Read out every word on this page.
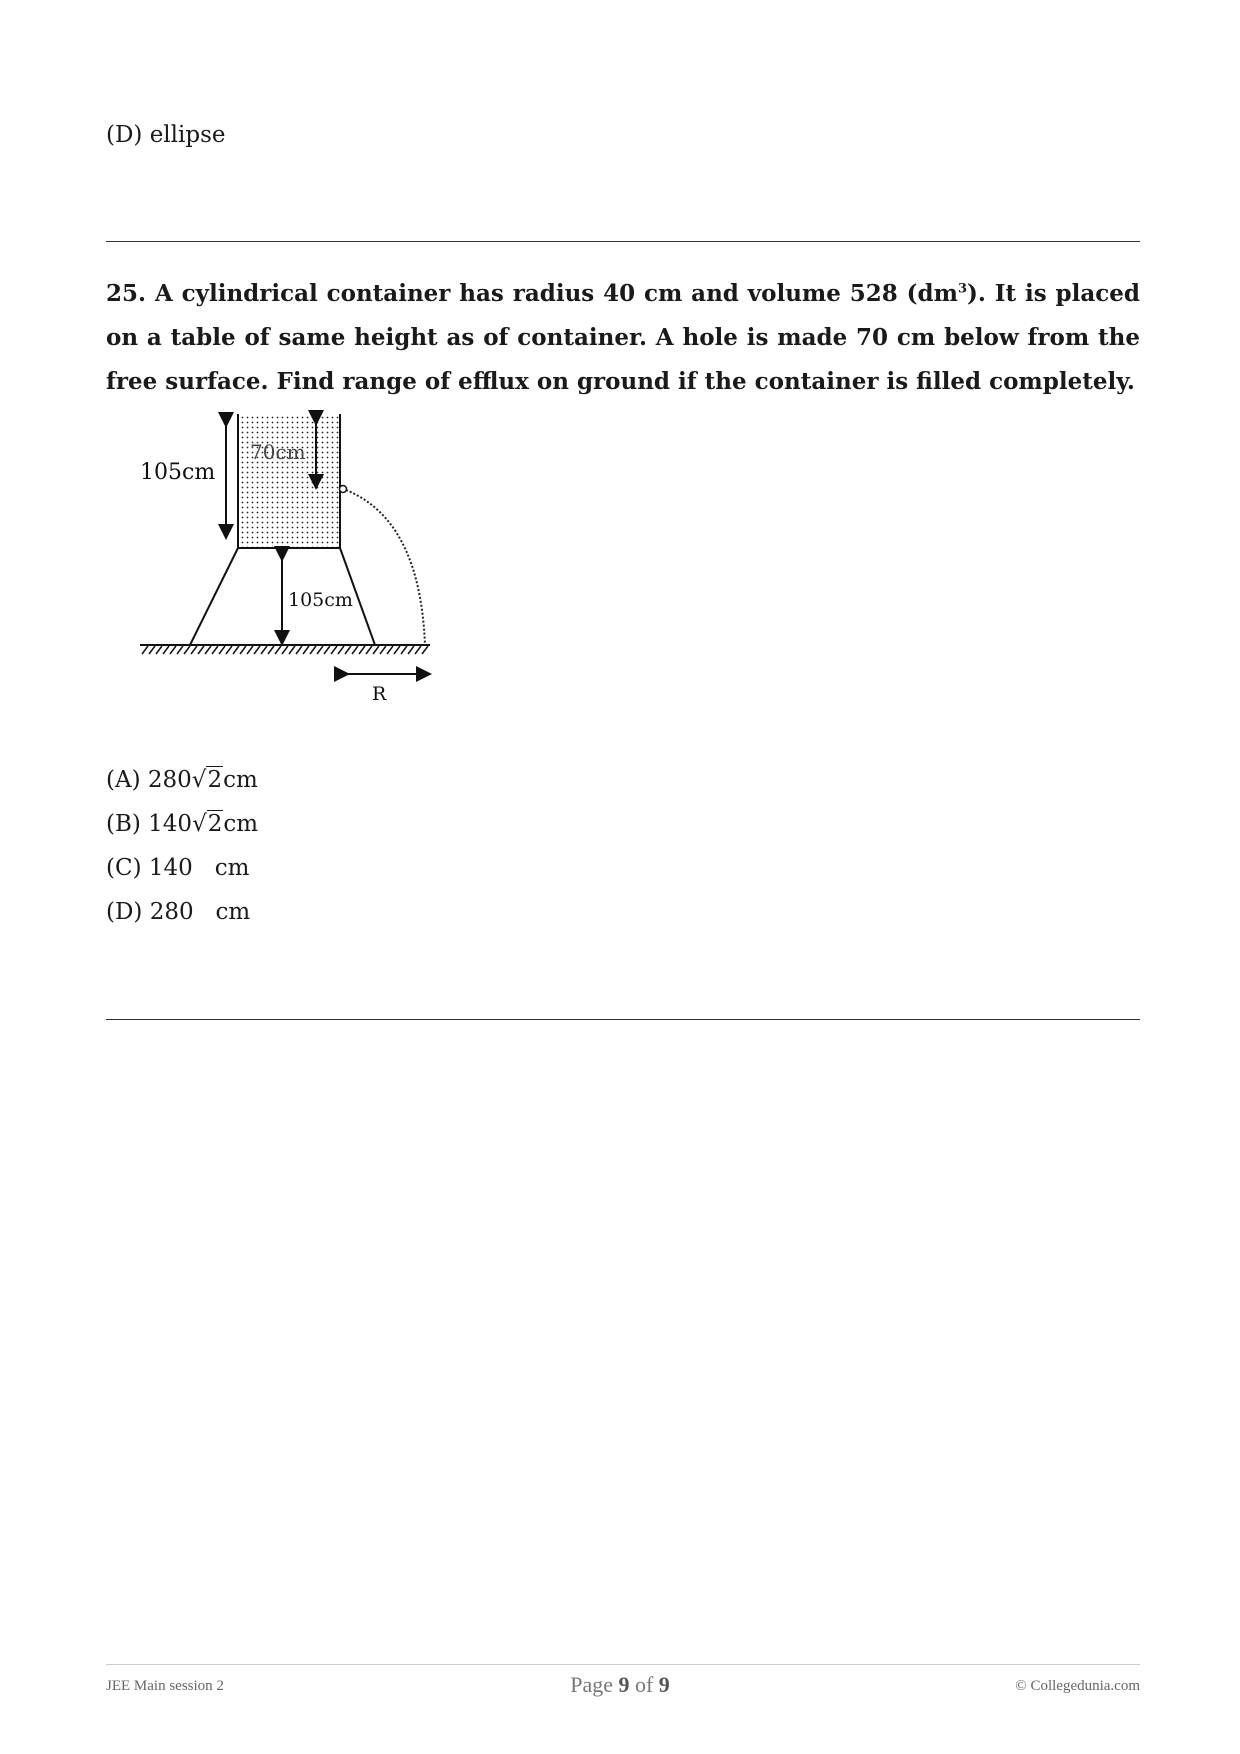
(D) ellipse
25. A cylindrical container has radius 40 cm and volume 528 $(dm^3)$. It is placed on a table of same height as of container. A hole is made 70 cm below from the free surface. Find range of efflux on ground if the container is filled completely.
105cm
70cm
105cm
R
(A) 280√2cm
(B) 140√2cm
(C) 140   cm
(D) 280   cm
JEE Main session 2	Page 9 of 9	© Collegedunia.com
